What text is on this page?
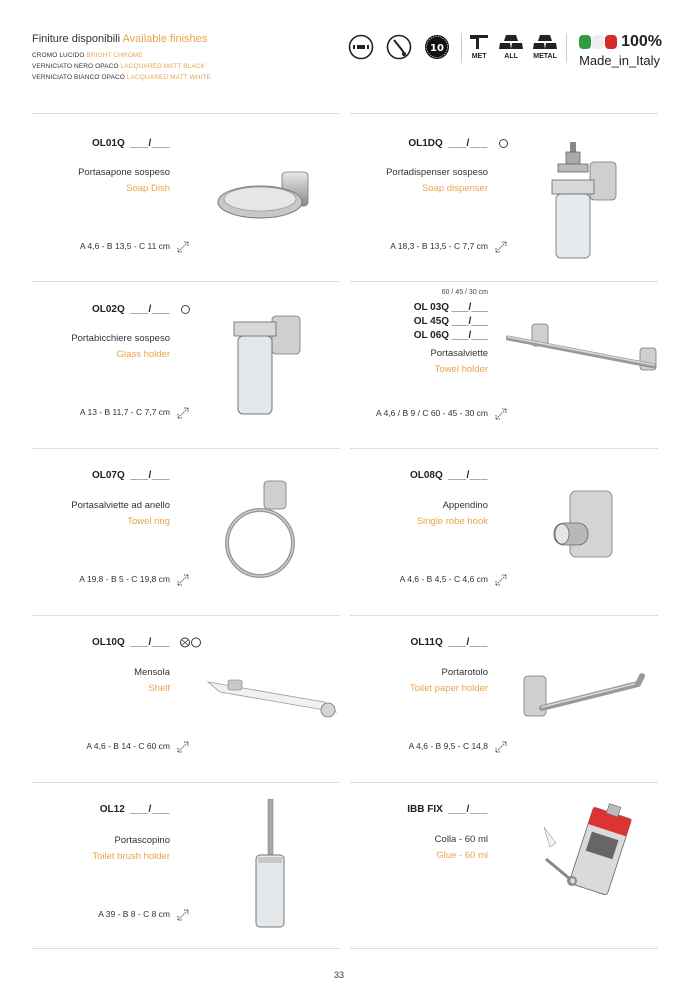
Finiture disponibili Available finishes
CROMO LUCIDO BRIGHT CHROME
VERNICIATO NERO OPACO LACQUARED MATT BLACK
VERNICIATO BIANCO OPACO LACQUARED MATT WHITE
10
MET	ALL METAL
100%
Made_in_Italy
OL01Q ___/___
Portasapone sospeso
Soap Dish
A 4,6 - B 13,5 - C 11 cm
OL1DQ ___/___
Portadispenser sospeso
Soap dispenser
A 18,3 - B 13,5 - C 7,7 cm
OL02Q ___/___
Portabicchiere sospeso
Glass holder
A 13 - B 11,7 - C 7,7 cm
60 / 45 / 30 cm
OL 03Q ___/___
OL 45Q ___/___
OL 06Q ___/___
Portasalviette
Towel holder
A 4,6 / B 9 / C 60 - 45 - 30 cm
OL07Q ___/___
Portasalviette ad anello
Towel ring
A 19,8 - B 5 - C 19,8 cm
OL08Q ___/___
Appendino
Single robe hook
A 4,6 - B 4,5 - C 4,6 cm
OL10Q ___/___
Mensola
Shelf
A 4,6 - B 14 - C 60 cm
OL11Q ___/___
Portarotolo
Toilet paper holder
A 4,6 - B 9,5 - C 14,8
OL12 ___/___
Portascopino
Toilet brush holder
A 39 - B 8 - C 8 cm
IBB FIX ___/___
Colla - 60 ml
Glue - 60 ml
33
